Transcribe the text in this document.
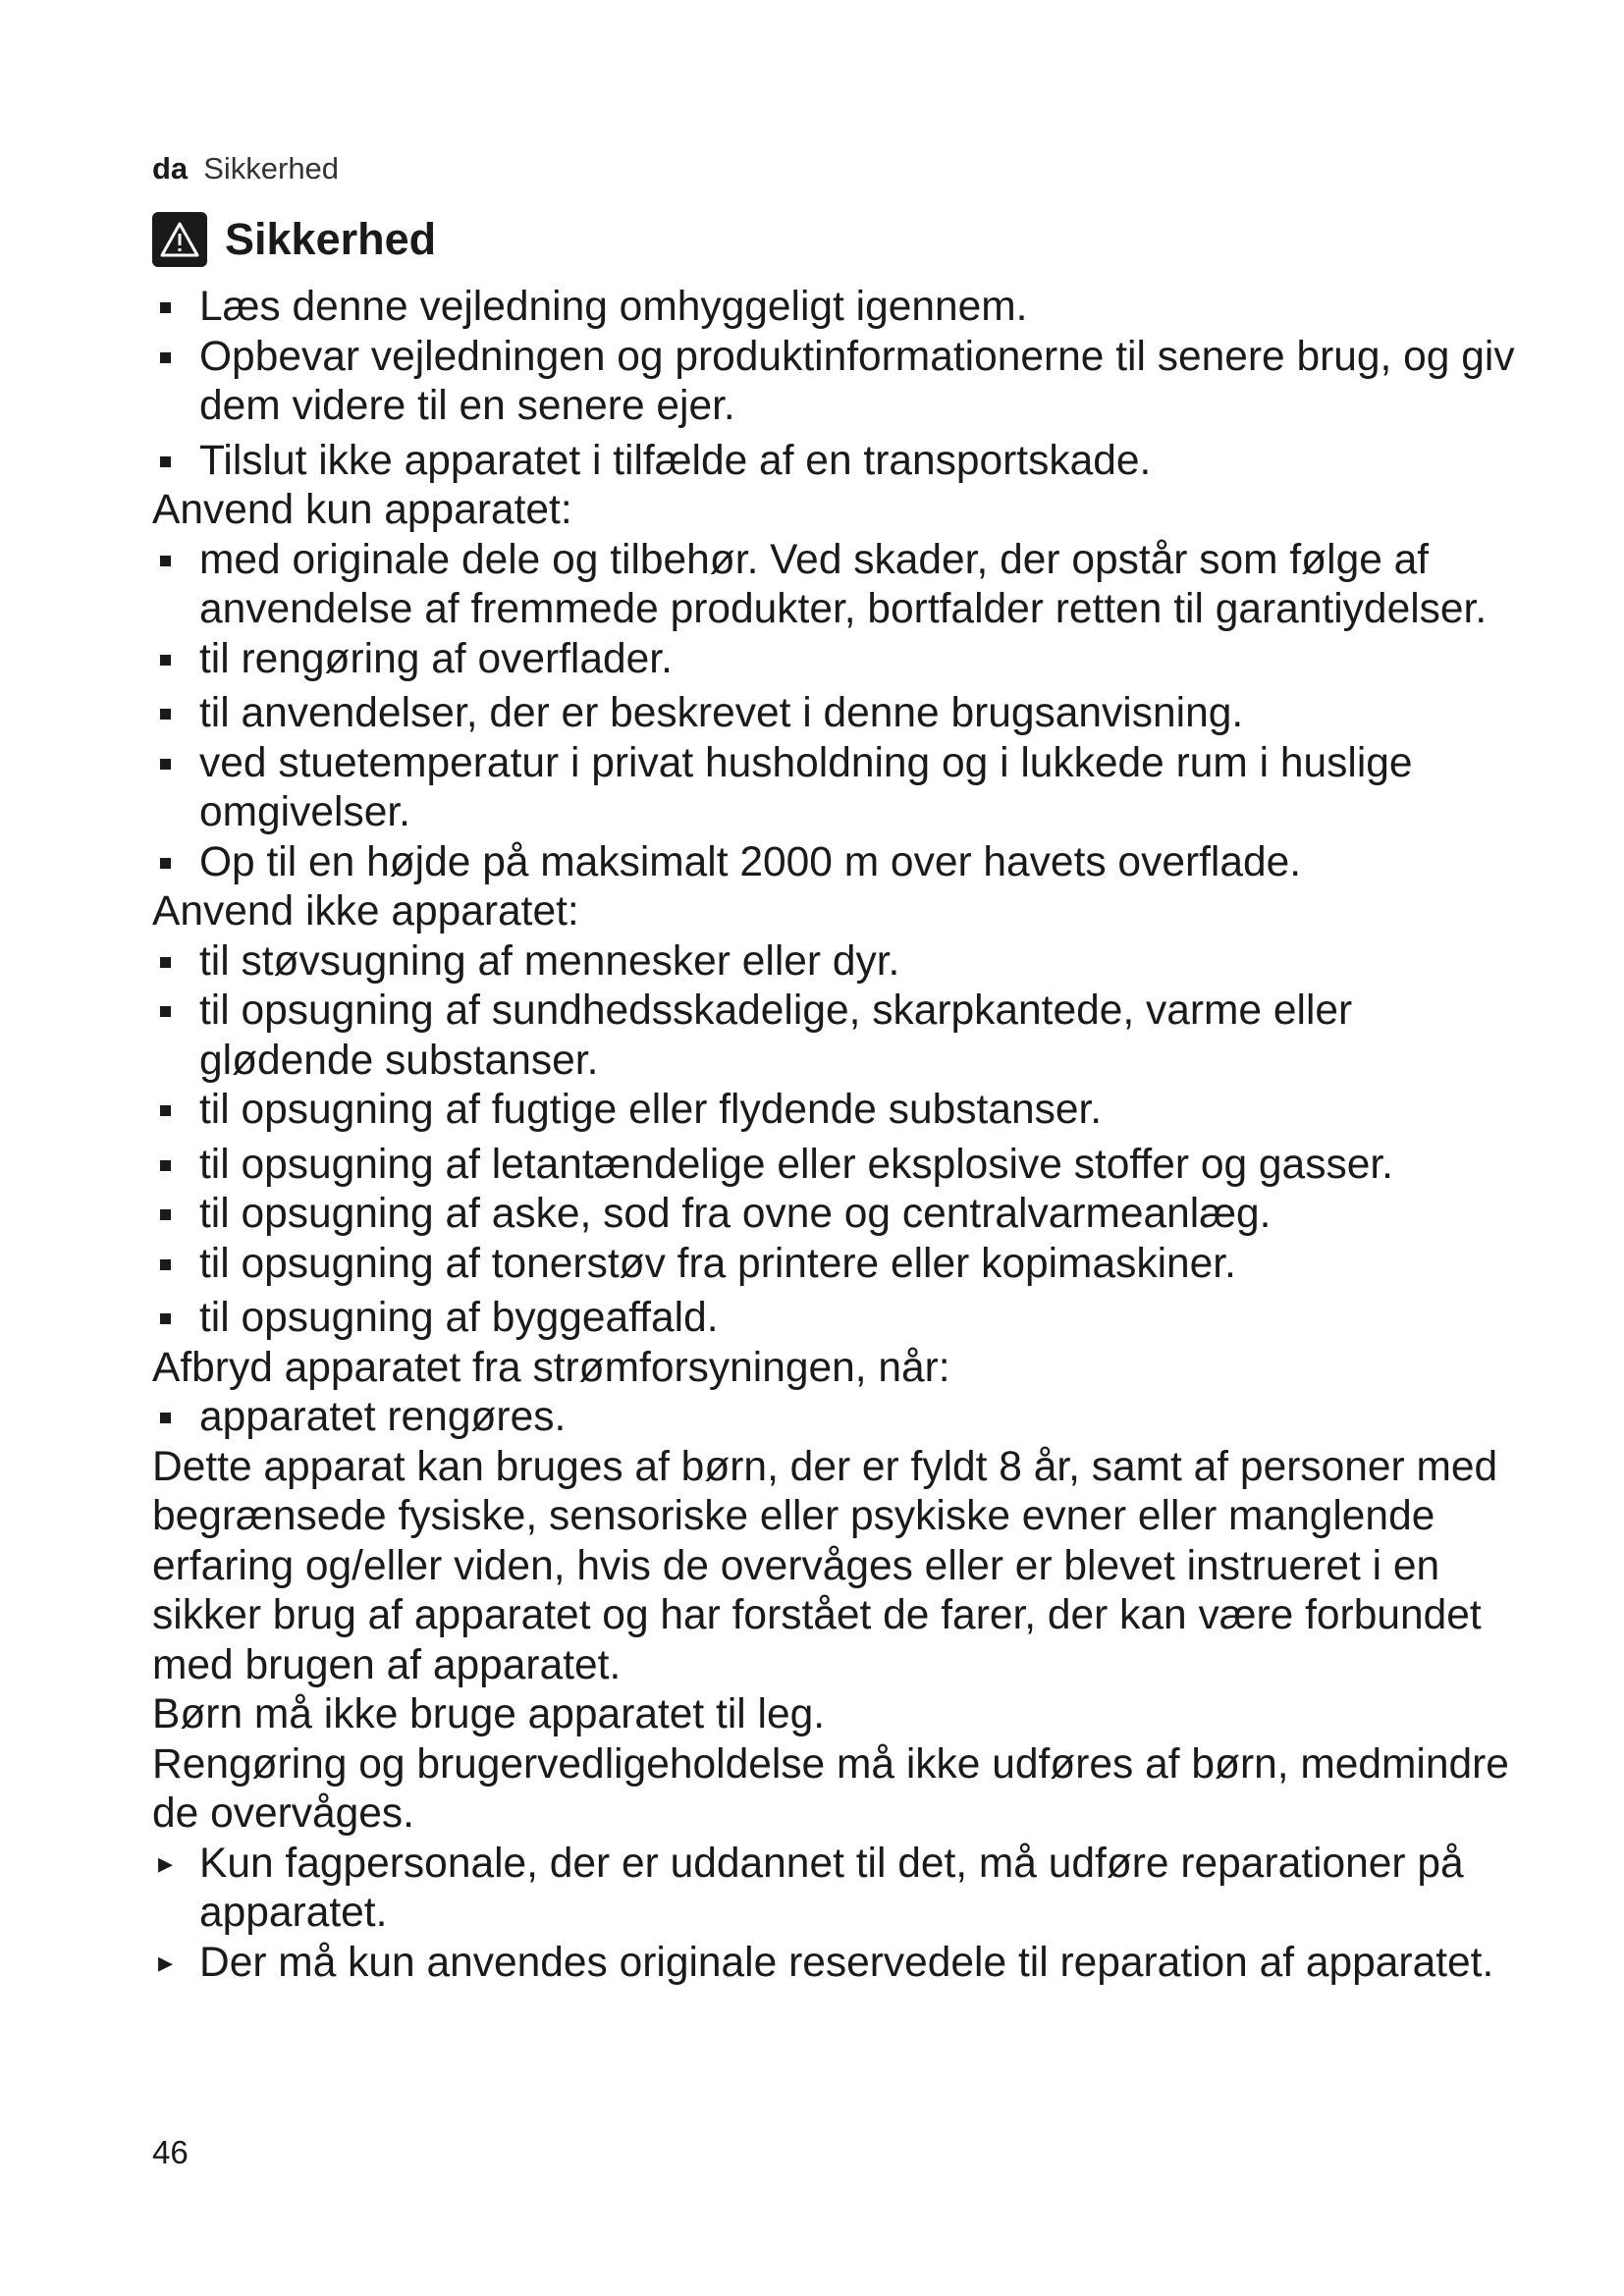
da Sikkerhed
Sikkerhed
Læs denne vejledning omhyggeligt igennem.
Opbevar vejledningen og produktinformationerne til senere brug, og giv dem videre til en senere ejer.
Tilslut ikke apparatet i tilfælde af en transportskade.
Anvend kun apparatet:
med originale dele og tilbehør. Ved skader, der opstår som følge af anvendelse af fremmede produkter, bortfalder retten til garantiydelser.
til rengøring af overflader.
til anvendelser, der er beskrevet i denne brugsanvisning.
ved stuetemperatur i privat husholdning og i lukkede rum i huslige omgivelser.
Op til en højde på maksimalt 2000 m over havets overflade.
Anvend ikke apparatet:
til støvsugning af mennesker eller dyr.
til opsugning af sundhedsskadelige, skarpkantede, varme eller glødende substanser.
til opsugning af fugtige eller flydende substanser.
til opsugning af letantændelige eller eksplosive stoffer og gasser.
til opsugning af aske, sod fra ovne og centralvarmeanlæg.
til opsugning af tonerstøv fra printere eller kopimaskiner.
til opsugning af byggeaffald.
Afbryd apparatet fra strømforsyningen, når:
apparatet rengøres.
Dette apparat kan bruges af børn, der er fyldt 8 år, samt af personer med begrænsede fysiske, sensoriske eller psykiske evner eller manglende erfaring og/eller viden, hvis de overvåges eller er blevet instrueret i en sikker brug af apparatet og har forstået de farer, der kan være forbundet med brugen af apparatet.
Børn må ikke bruge apparatet til leg.
Rengøring og brugervedligeholdelse må ikke udføres af børn, medmindre de overvåges.
▸ Kun fagpersonale, der er uddannet til det, må udføre reparationer på apparatet.
▸ Der må kun anvendes originale reservedele til reparation af apparatet.
46
